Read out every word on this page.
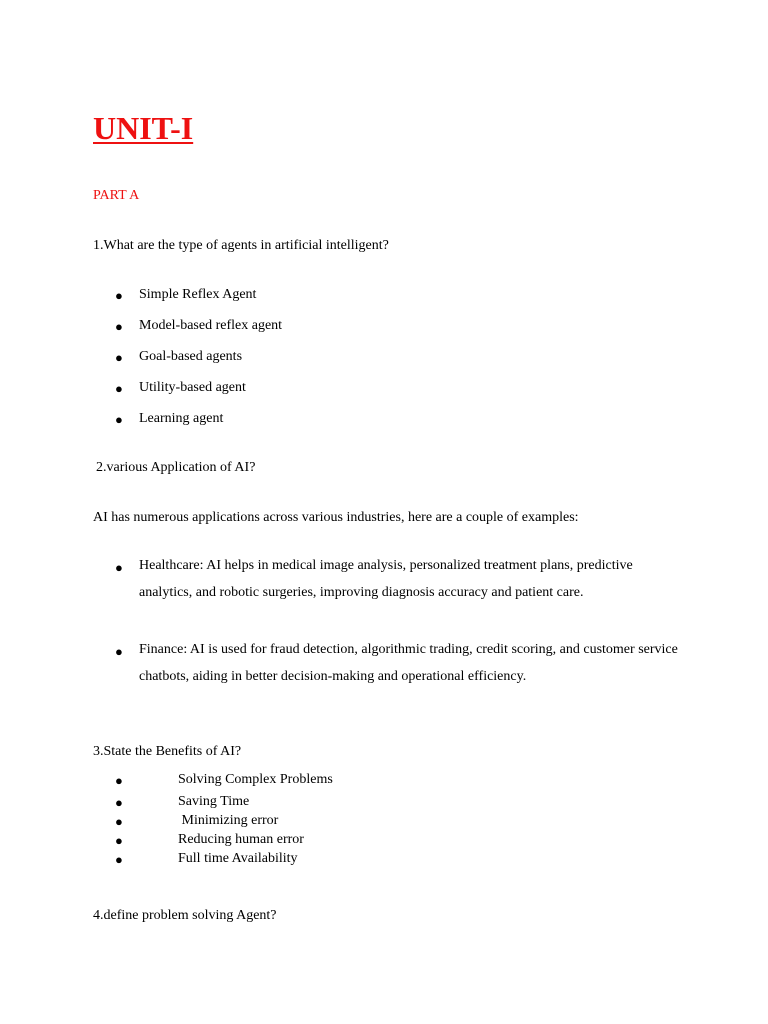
UNIT-I
PART A
1.What are the type of agents in artificial intelligent?
● Simple Reflex Agent
● Model-based reflex agent
● Goal-based agents
● Utility-based agent
● Learning agent
2.various Application of AI?
AI has numerous applications across various industries, here are a couple of examples:
● Healthcare: AI helps in medical image analysis, personalized treatment plans, predictive analytics, and robotic surgeries, improving diagnosis accuracy and patient care.
● Finance: AI is used for fraud detection, algorithmic trading, credit scoring, and customer service chatbots, aiding in better decision-making and operational efficiency.
3.State the Benefits of AI?
●	Solving Complex Problems
●	Saving Time
●	Minimizing error
●	Reducing human error
●	Full time Availability
4.define problem solving Agent?
